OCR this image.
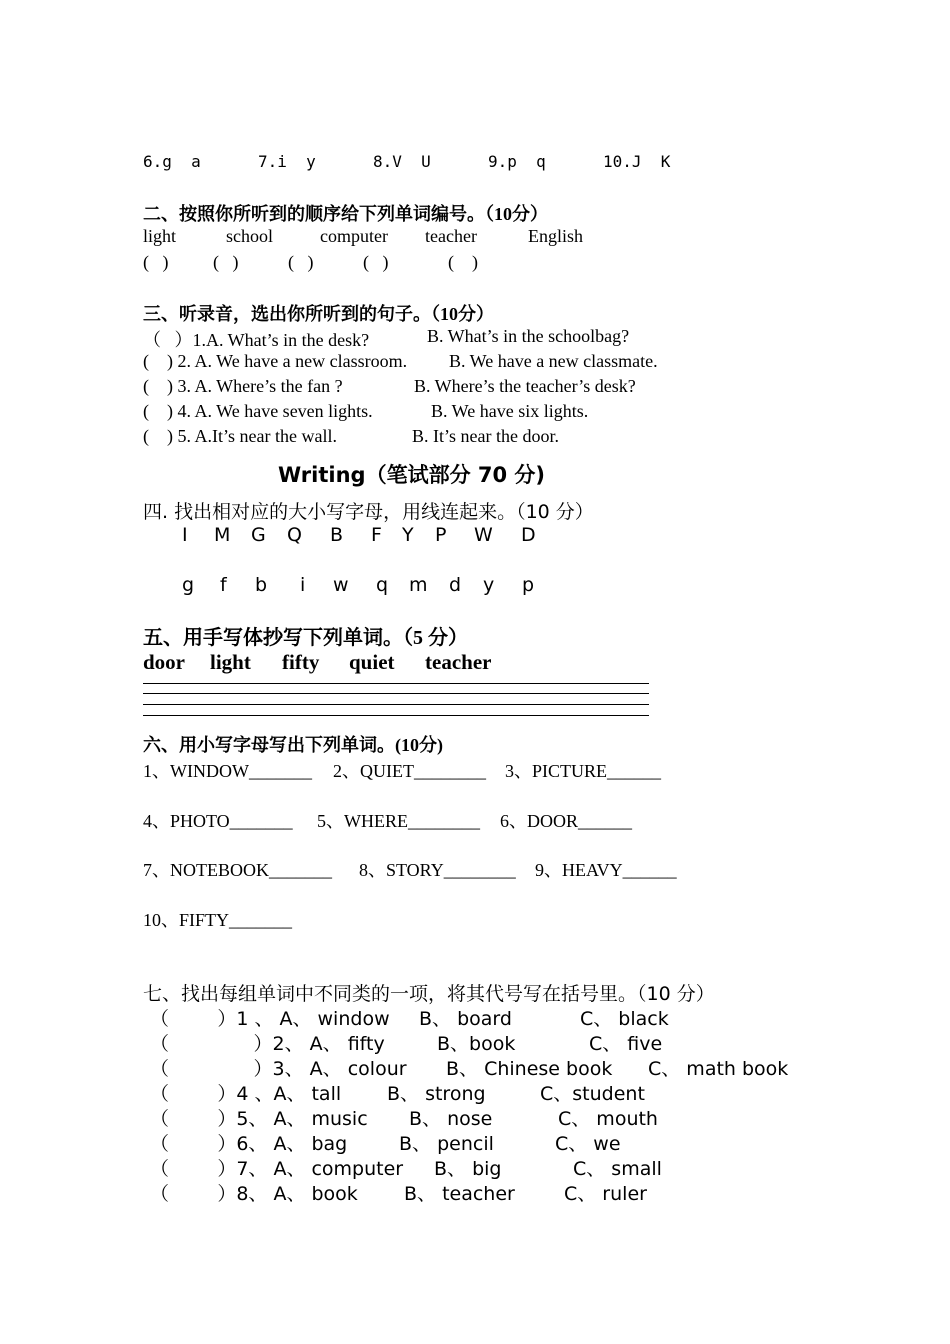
6.g  a	7.i  y	8.V  U	9.p  q	10.J  K
二、按照你所听到的顺序给下列单词编号。（10分）
light	school	computer teacher	English
(   ) (   )	(   )	(   )	(    )
三、听录音，选出你所听到的句子。（10分）
（   ）1.A. What’s in the desk?	B. What’s in the schoolbag?
(    ) 2. A. We have a new classroom. B. We have a new classmate.
(    ) 3. A. Where’s the fan ?	B. Where’s the teacher’s desk?
(    ) 4. A. We have seven lights.	B. We have six lights.
(    ) 5. A.It’s near the wall.	B. It’s near the door.
Writing（笔试部分 70 分)
四. 找出相对应的大小写字母，用线连起来。（10 分）
I M G Q B F Y P W D
g f b i w q m d y p
五、用手写体抄写下列单词。（5 分）
door light fifty quiet teacher
六、用小写字母写出下列单词。(10分)
1、WINDOW_______ 2、QUIET________ 3、PICTURE______
4、PHOTO_______ 5、WHERE________ 6、DOOR______
7、NOTEBOOK_______ 8、STORY________ 9、HEAVY______
10、FIFTY_______
七、找出每组单词中不同类的一项，将其代号写在括号里。（10 分）
（        ）1 、 A、 window B、 board	C、 black
（              ）2、 A、 fifty	B、book	C、 five
（              ）3、 A、 colour B、 Chinese book C、 math book
（        ）4 、A、 tall B、 strong	C、student
（        ）5、 A、 music B、 nose	C、 mouth
（        ）6、 A、 bag	B、 pencil	C、 we
（        ）7、 A、 computer B、 big	C、 small
（        ）8、 A、 book B、 teacher	C、 ruler
